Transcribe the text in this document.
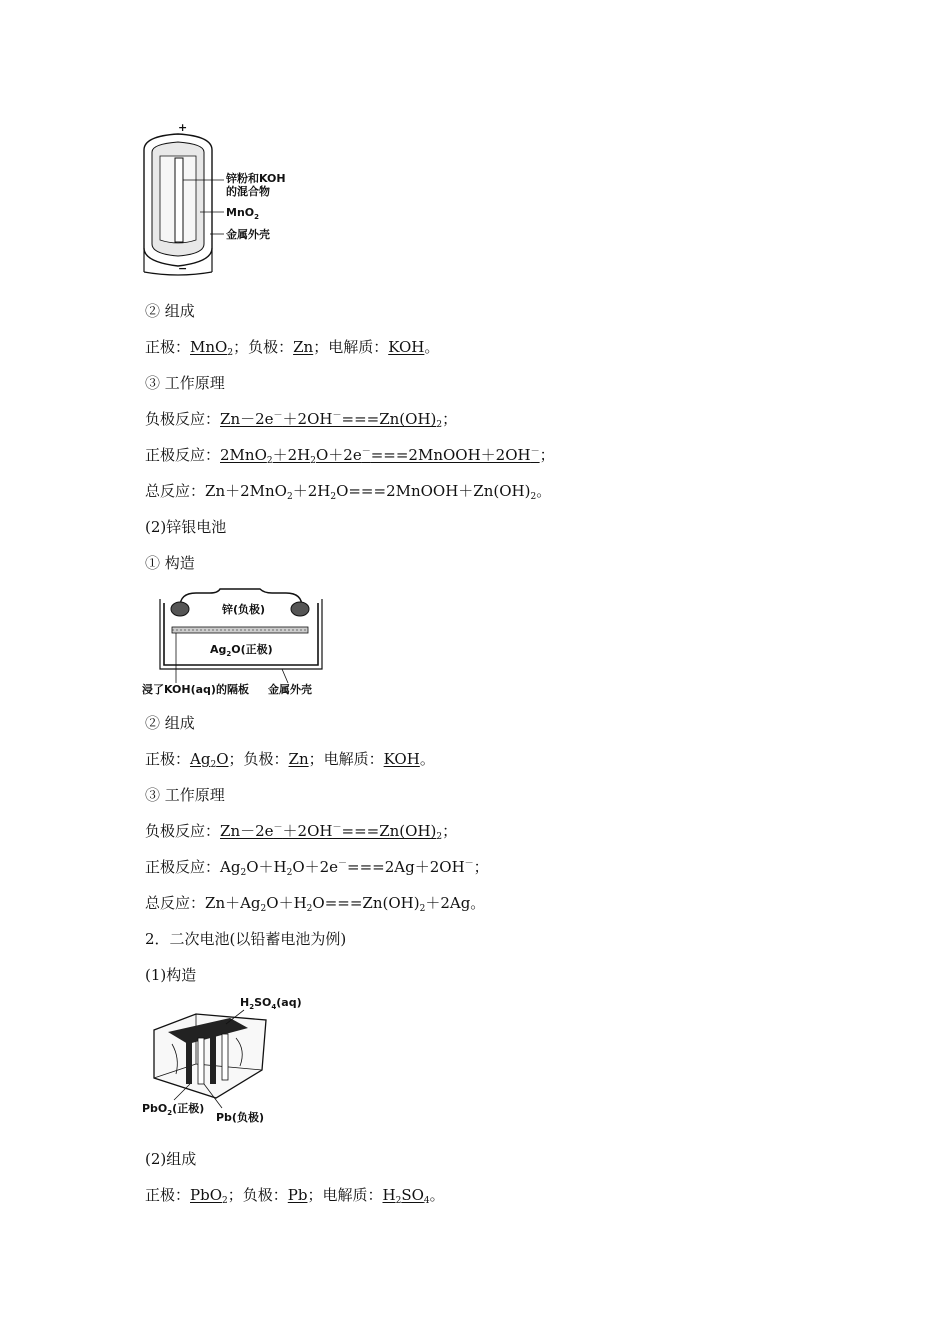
+
−
锌粉和KOH
的混合物
MnO$_2$
金属外壳
② 组成
正极：MnO$_2$；负极：Zn；电解质：KOH。
③ 工作原理
负极反应：$Zn-2e^-+2OH^-===Zn(OH)_2$；
正极反应：$2MnO_2+2H_2O+2e^-===2MnOOH+2OH^-$；
总反应：$Zn+2MnO_2+2H_2O===2MnOOH+Zn(OH)_2$。
(2)锌银电池
① 构造
锌(负极)
$Ag_2O$(正极)
浸了KOH(aq)的隔板 金属外壳
② 组成
正极：$Ag_2O$；负极：Zn；电解质：KOH。
③ 工作原理
负极反应：$Zn-2e^-+2OH^-===Zn(OH)_2$；
正极反应：$Ag_2O+H_2O+2e^-===2Ag+2OH^-$；
总反应：$Zn+Ag_2O+H_2O===Zn(OH)_2+2Ag$。
2．二次电池(以铅蓄电池为例)
(1)构造
$H_2SO_4(aq)$
PbO$_2$(正极)
Pb(负极)
(2)组成
正极：PbO$_2$；负极：Pb；电解质：$H_2SO_4$。
